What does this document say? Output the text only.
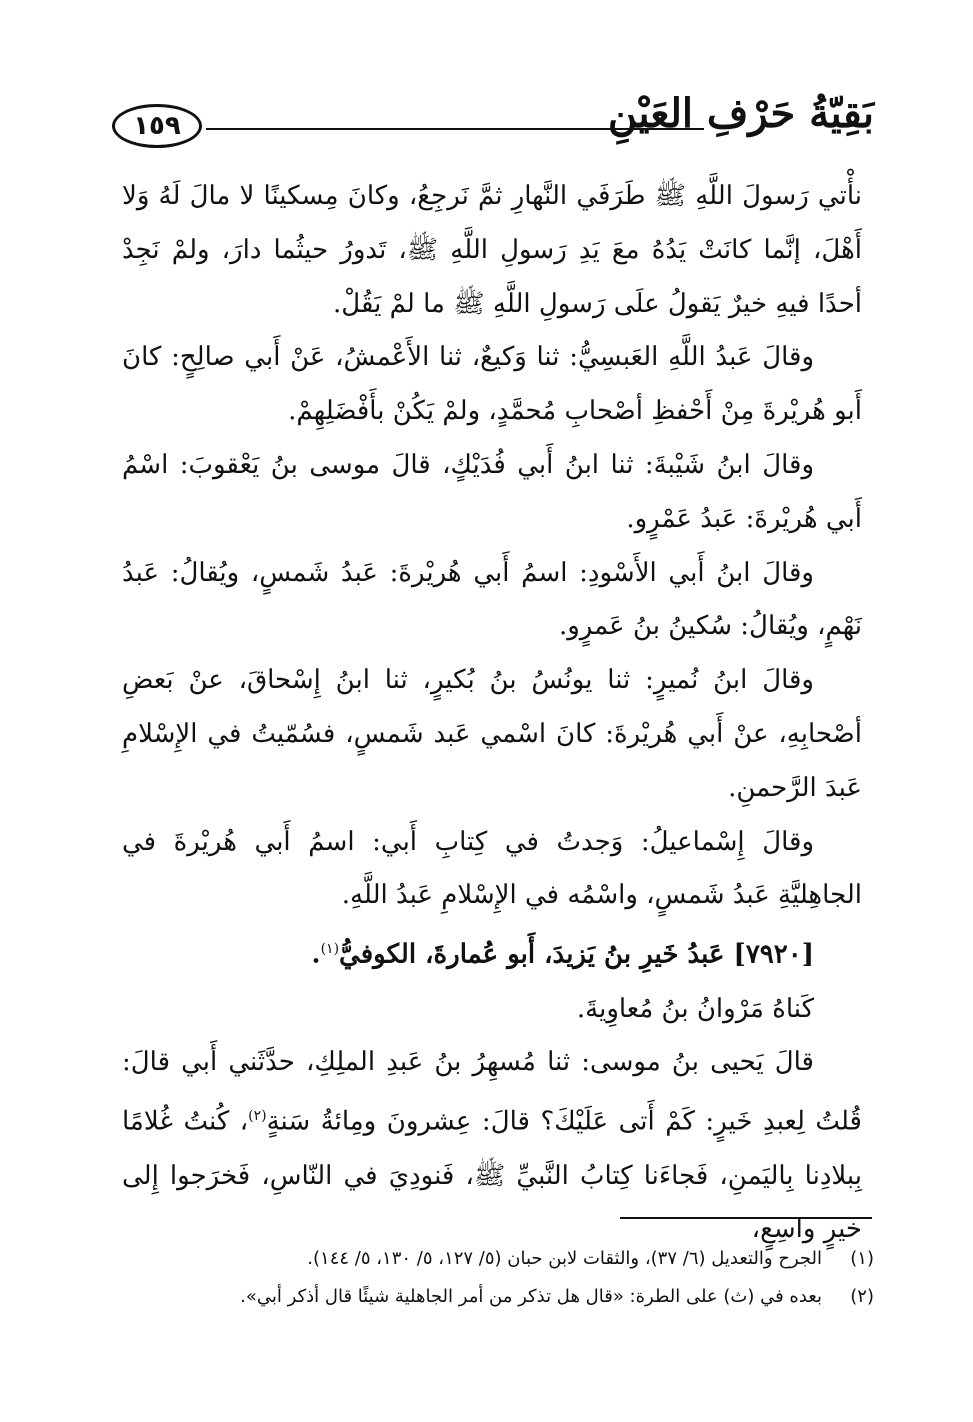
بَقِيّةُ حَرْفِ العَيْنِ
١٥٩

نأْتي رَسولَ اللَّهِ ﷺ طَرَفَي النَّهارِ ثمَّ نَرجِعُ، وكانَ مِسكينًا لا مالَ لَهُ وَلا أَهْلَ، إنَّما كانَتْ يَدُهُ معَ يَدِ رَسولِ اللَّهِ ﷺ، تَدورُ حيثُما دارَ، ولمْ نَجِدْ أحدًا فيهِ خيرٌ يَقولُ علَى رَسولِ اللَّهِ ﷺ ما لمْ يَقُلْ.

وقالَ عَبدُ اللَّهِ العَبسِيُّ: ثنا وَكيعٌ، ثنا الأَعْمشُ، عَنْ أَبي صالِحٍ: كانَ أَبو هُريْرةَ مِنْ أَحْفظِ أصْحابِ مُحمَّدٍ، ولمْ يَكُنْ بأَفْضَلِهِمْ.

وقالَ ابنُ شَيْبةَ: ثنا ابنُ أَبي فُدَيْكٍ، قالَ موسى بنُ يَعْقوبَ: اسْمُ أَبي هُريْرةَ: عَبدُ عَمْرٍو.

وقالَ ابنُ أَبي الأَسْودِ: اسمُ أَبي هُريْرةَ: عَبدُ شَمسٍ، ويُقالُ: عَبدُ نَهْمٍ، ويُقالُ: سُكينُ بنُ عَمرٍو.

وقالَ ابنُ نُميرٍ: ثنا يونُسُ بنُ بُكيرٍ، ثنا ابنُ إِسْحاقَ، عنْ بَعضِ أصْحابِهِ، عنْ أَبي هُريْرةَ: كانَ اسْمي عَبد شَمسٍ، فسُمّيتُ في الإِسْلامِ عَبدَ الرَّحمنِ.

وقالَ إِسْماعيلُ: وَجدتُ في كِتابِ أَبي: اسمُ أَبي هُريْرةَ في الجاهِليَّةِ عَبدُ شَمسٍ، واسْمُه في الإِسْلامِ عَبدُ اللَّهِ.

[٧٩٢٠] عَبدُ خَيرِ بنُ يَزيدَ، أَبو عُمارةَ، الكوفيُّ$^{(١)}$.

كَناهُ مَرْوانُ بنُ مُعاوِيةَ.

قالَ يَحيى بنُ موسى: ثنا مُسهِرُ بنُ عَبدِ الملِكِ، حدَّثَني أَبي قالَ: قُلتُ لِعبدِ خَيرٍ: كَمْ أَتى عَلَيْكَ؟ قالَ: عِشرونَ ومِائةُ سَنةٍ$^{(٢)}$، كُنتُ غُلامًا بِبلادِنا بِاليَمنِ، فَجاءَنا كِتابُ النَّبيِّ ﷺ، فَنودِيَ في النّاسِ، فَخرَجوا إِلى خيرٍ واسِعٍ،

(١)
الجرح والتعديل (٦/ ٣٧)، والثقات لابن حبان (٥/ ١٢٧، ٥/ ١٣٠، ٥/ ١٤٤).
(٢)
بعده في (ث) على الطرة: «قال هل تذكر من أمر الجاهلية شيئًا قال أذكر أبي».
